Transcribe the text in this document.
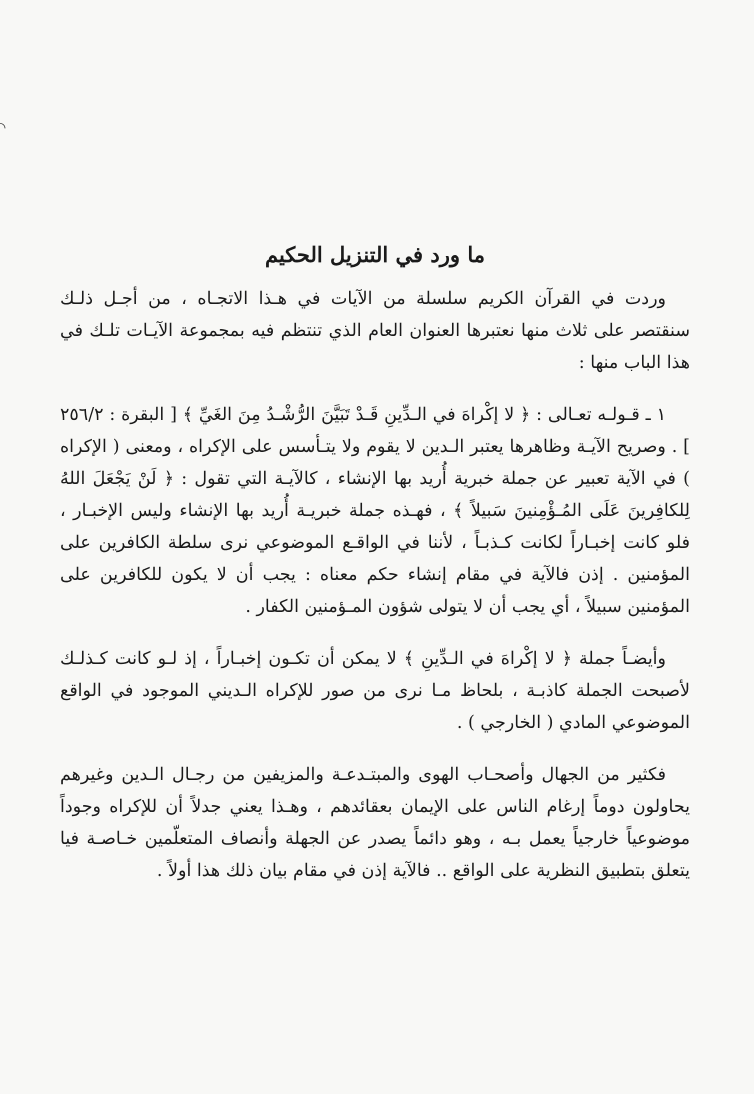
◝
ما ورد في التنزيل الحكيم

وردت في القرآن الكريم سلسلة من الآيات في هـذا الاتجـاه ، من أجـل ذلـك سنقتصر على ثلاث منها نعتبرها العنوان العام الذي تنتظم فيه بمجموعة الآيـات تلـك في هذا الباب منها :

١ ـ قـولـه تعـالى : ﴿ لا إكْراهَ في الـدِّينِ قَـدْ تَبَيَّنَ الرُّشْـدُ مِنَ الغَيِّ ﴾ [ البقرة : ٢٥٦/٢ ] . وصريح الآيـة وظاهرها يعتبر الـدين لا يقوم ولا يتـأسس على الإكراه ، ومعنى ( الإكراه ) في الآية تعبير عن جملة خبرية أُريد بها الإنشاء ، كالآيـة التي تقول : ﴿ لَنْ يَجْعَلَ اللهُ لِلكافِرينَ عَلَى المُـؤْمِنينَ سَبيلاً ﴾ ، فهـذه جملة خبريـة أُريد بها الإنشاء وليس الإخبـار ، فلو كانت إخبـاراً لكانت كـذبـاً ، لأننا في الواقـع الموضوعي نرى سلطة الكافرين على المؤمنين . إذن فالآية في مقام إنشاء حكم معناه : يجب أن لا يكون للكافرين على المؤمنين سبيلاً ، أي يجب أن لا يتولى شؤون المـؤمنين الكفار .

وأيضـاً جملة ﴿ لا إكْراهَ في الـدِّينِ ﴾ لا يمكن أن تكـون إخبـاراً ، إذ لـو كانت كـذلـك لأصبحت الجملة كاذبـة ، بلحاظ مـا نرى من صور للإكراه الـديني الموجود في الواقع الموضوعي المادي ( الخارجي ) .

فكثير من الجهال وأصحـاب الهوى والمبتـدعـة والمزيفين من رجـال الـدين وغيرهم يحاولون دوماً إرغام الناس على الإيمان بعقائدهم ، وهـذا يعني جدلاً أن للإكراه وجوداً موضوعياً خارجياً يعمل بـه ، وهو دائماً يصدر عن الجهلة وأنصاف المتعلّمين خـاصـة فيا يتعلق بتطبيق النظرية على الواقع .. فالآية إذن في مقام بيان ذلك هذا أولاً .
